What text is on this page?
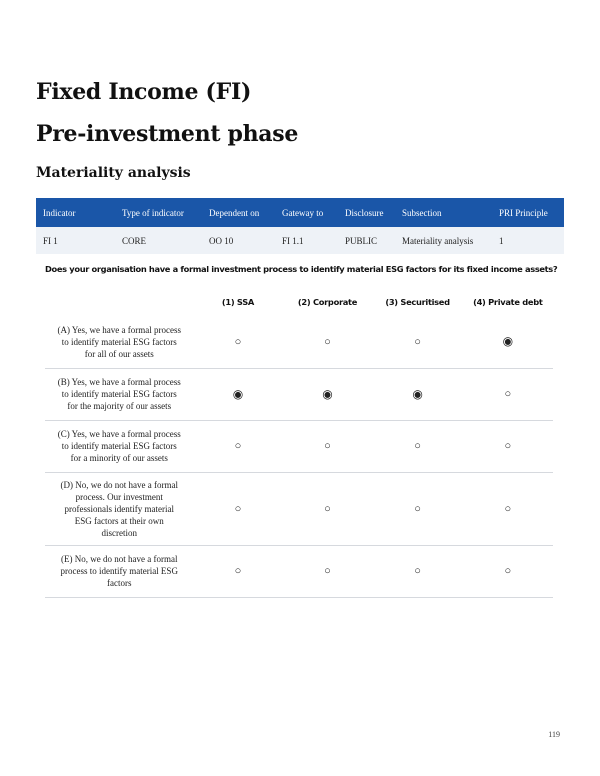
Fixed Income (FI)
Pre-investment phase
Materiality analysis
Indicator	Type of indicator	Dependent on	Gateway to	Disclosure	Subsection	PRI Principle
FI 1	CORE	OO 10	FI 1.1	PUBLIC	Materiality analysis	1
Does your organisation have a formal investment process to identify material ESG factors for its fixed income assets?
	(1) SSA	(2) Corporate	(3) Securitised	(4) Private debt

(A) Yes, we have a formal process
to identify material ESG factors
for all of our assets	○	○	○	◉

(B) Yes, we have a formal process
to identify material ESG factors
for the majority of our assets	◉	◉	◉	○

(C) Yes, we have a formal process
to identify material ESG factors
for a minority of our assets	○	○	○	○

(D) No, we do not have a formal
process. Our investment
professionals identify material
ESG factors at their own
discretion	○	○	○	○

(E) No, we do not have a formal
process to identify material ESG
factors	○	○	○	○
119
